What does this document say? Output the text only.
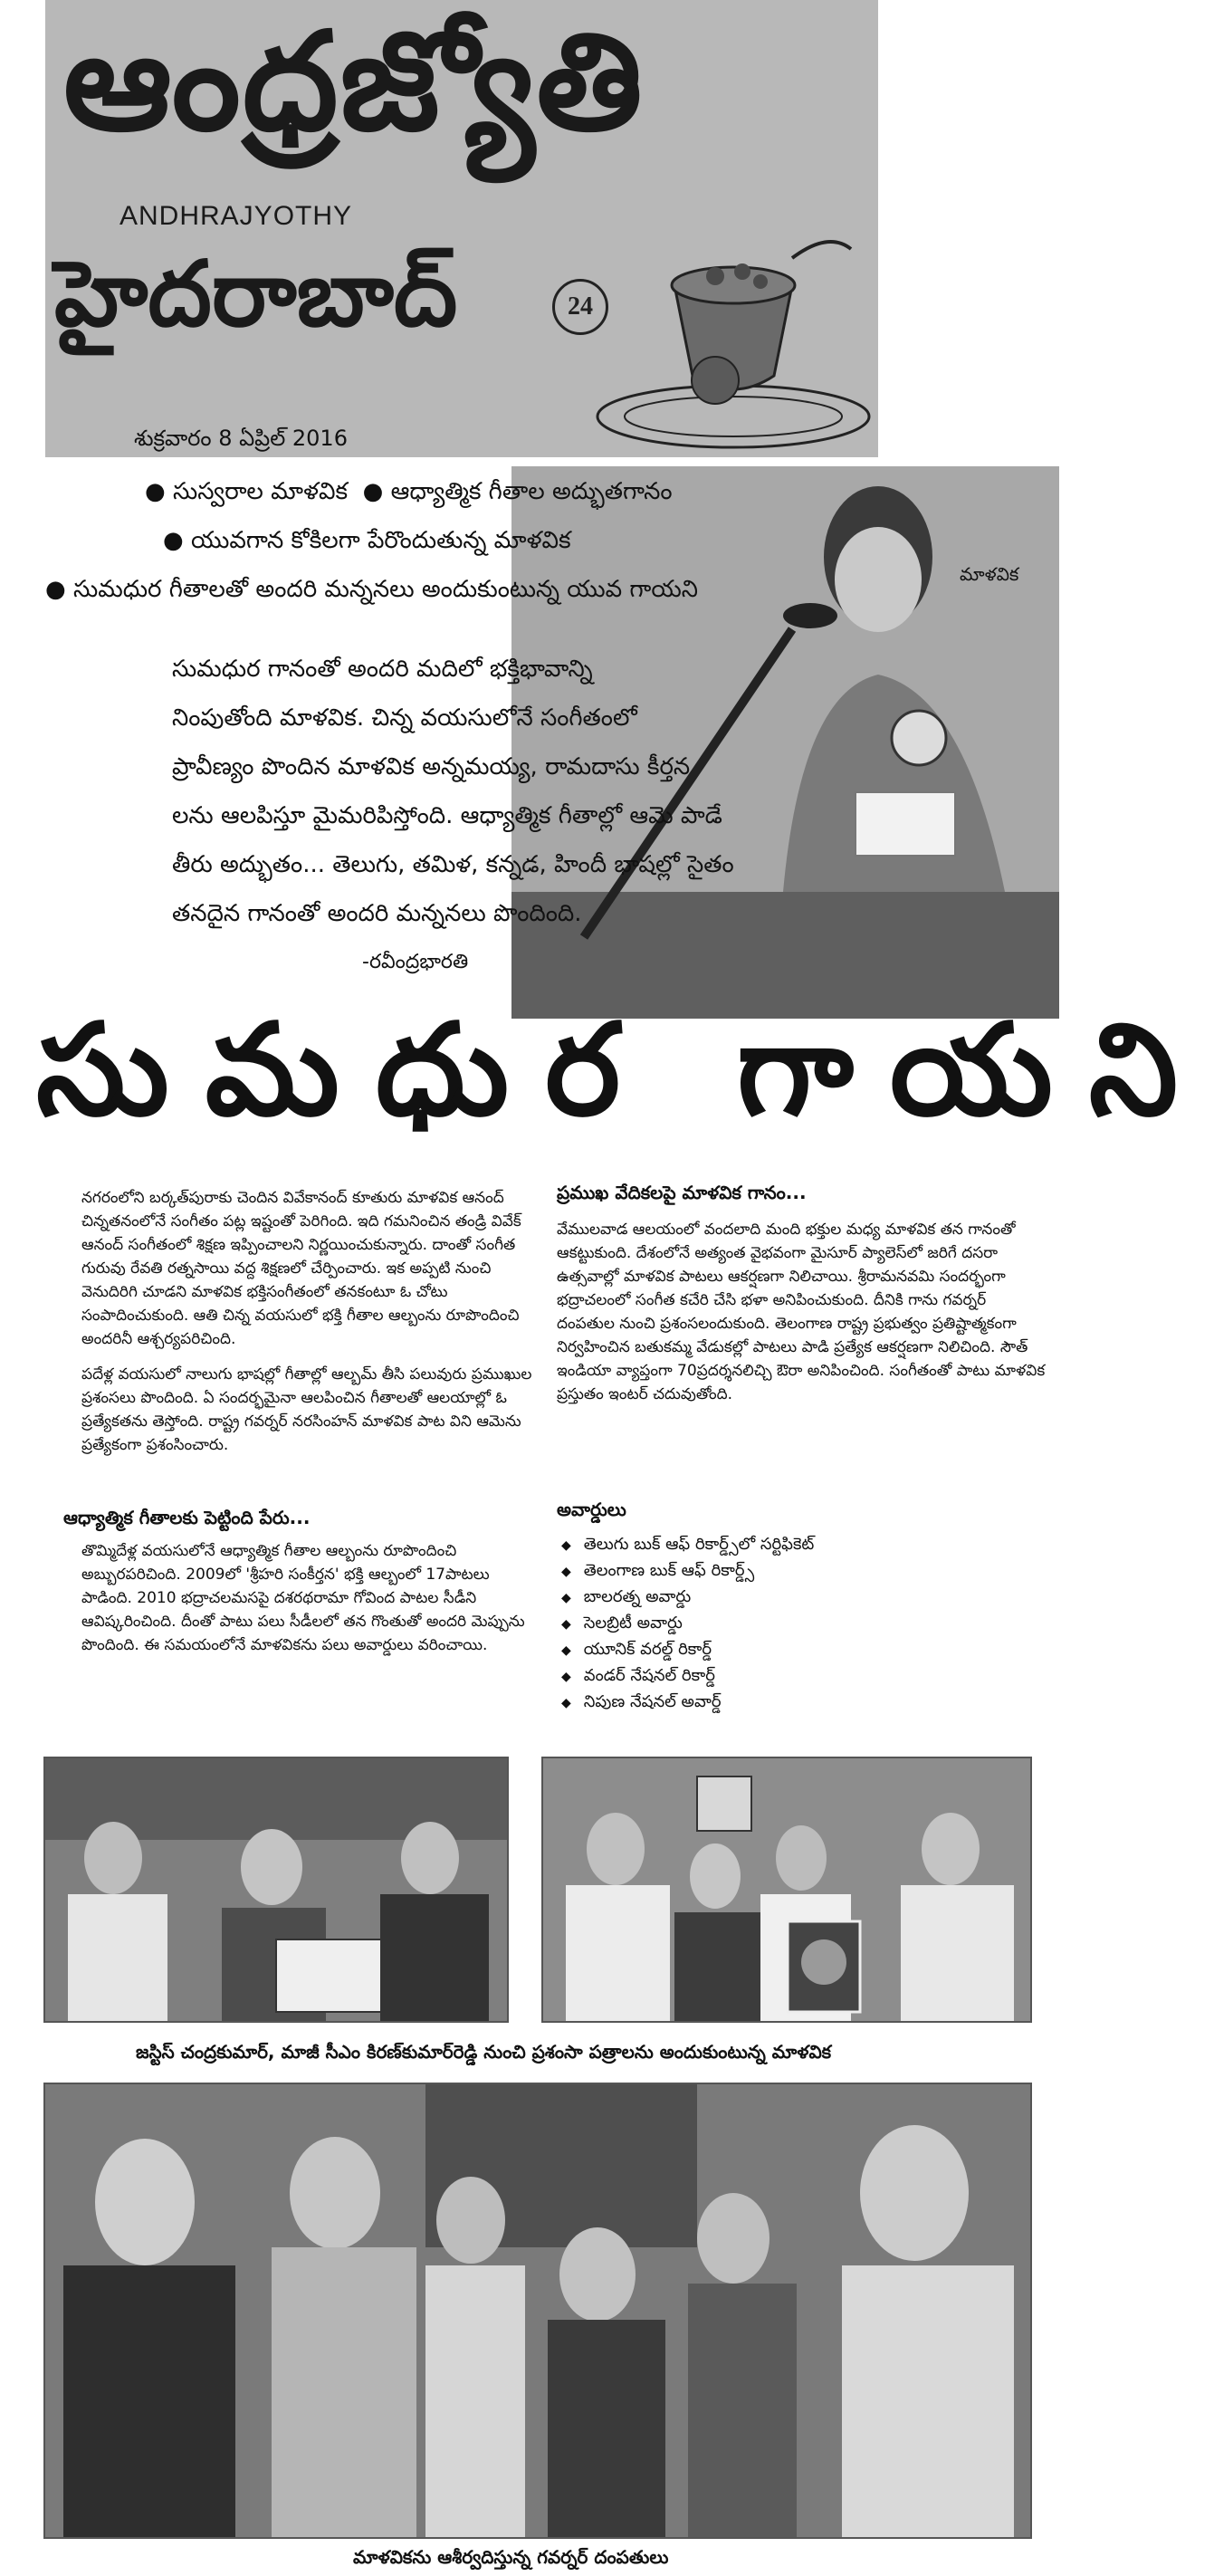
ఆంధ్రజ్యోతి
ANDHRAJYOTHY
హైదరాబాద్	24
శుక్రవారం 8 ఏప్రిల్ 2016
మాళవిక
● సుస్వరాల మాళవిక  ● ఆధ్యాత్మిక గీతాల అద్భుతగానం
● యువగాన కోకిలగా పేరొందుతున్న మాళవిక
● సుమధుర గీతాలతో అందరి మన్ననలు అందుకుంటున్న యువ గాయని
సుమధుర గానంతో అందరి మదిలో భక్తిభావాన్ని
నింపుతోంది మాళవిక. చిన్న వయసులోనే సంగీతంలో
ప్రావీణ్యం పొందిన మాళవిక అన్నమయ్య, రామదాసు కీర్తన
లను ఆలపిస్తూ మైమరిపిస్తోంది. ఆధ్యాత్మిక గీతాల్లో ఆమె పాడే
తీరు అద్భుతం... తెలుగు, తమిళ, కన్నడ, హిందీ భాషల్లో సైతం
తనదైన గానంతో అందరి మన్ననలు పొందింది.
-రవీంద్రభారతి
సుమధుర గాయని
నగరంలోని బర్కత్‌పురాకు చెందిన వివేకానంద్ కూతురు మాళవిక ఆనంద్ చిన్నతనంలోనే సంగీతం పట్ల ఇష్టంతో పెరిగింది. ఇది గమనించిన తండ్రి వివేక్ ఆనంద్ సంగీతంలో శిక్షణ ఇప్పించాలని నిర్ణయించుకున్నారు. దాంతో సంగీత గురువు రేవతి రత్నసాయి వద్ద శిక్షణలో చేర్పించారు. ఇక అప్పటి నుంచి వెనుదిరిగి చూడని మాళవిక భక్తిసంగీతంలో తనకంటూ ఓ చోటు సంపాదించుకుంది. ఆతి చిన్న వయసులో భక్తి గీతాల ఆల్బంను రూపొందించి అందరినీ ఆశ్చర్యపరిచింది.
పదేళ్ల వయసులో నాలుగు భాషల్లో గీతాల్లో ఆల్బమ్ తీసి పలువురు ప్రముఖుల ప్రశంసలు పొందింది. ఏ సందర్భమైనా ఆలపించిన గీతాలతో ఆలయాల్లో ఓ ప్రత్యేకతను తెస్తోంది. రాష్ట్ర గవర్నర్ నరసింహన్ మాళవిక పాట విని ఆమెను ప్రత్యేకంగా ప్రశంసించారు.
ఆధ్యాత్మిక గీతాలకు పెట్టింది పేరు...
తొమ్మిదేళ్ల వయసులోనే ఆధ్యాత్మిక గీతాల ఆల్బంను రూపొందించి అబ్బురపరిచింది. 2009లో 'శ్రీహరి సంకీర్తన' భక్తి ఆల్బంలో 17పాటలు పాడింది. 2010 భద్రాచలమసపై దశరథరామా గోవింద పాటల సీడీని ఆవిష్కరించింది. దీంతో పాటు పలు సీడీలలో తన గొంతుతో అందరి మెప్పును పొందింది. ఈ సమయంలోనే మాళవికను పలు అవార్డులు వరించాయి.
ప్రముఖ వేదికలపై మాళవిక గానం...
వేములవాడ ఆలయంలో వందలాది మంది భక్తుల మధ్య మాళవిక తన గానంతో ఆకట్టుకుంది. దేశంలోనే అత్యంత వైభవంగా మైసూర్ ప్యాలెస్‌లో జరిగే దసరా ఉత్సవాల్లో మాళవిక పాటలు ఆకర్షణగా నిలిచాయి. శ్రీరామనవమి సందర్భంగా భద్రాచలంలో సంగీత కచేరి చేసి భళా అనిపించుకుంది. దీనికి గాను గవర్నర్ దంపతుల నుంచి ప్రశంసలందుకుంది. తెలంగాణ రాష్ట్ర ప్రభుత్వం ప్రతిష్టాత్మకంగా నిర్వహించిన బతుకమ్మ వేడుకల్లో పాటలు పాడి ప్రత్యేక ఆకర్షణగా నిలిచింది. సౌత్ ఇండియా వ్యాప్తంగా 70ప్రదర్శనలిచ్చి ఔరా అనిపించింది. సంగీతంతో పాటు మాళవిక ప్రస్తుతం ఇంటర్ చదువుతోంది.
అవార్డులు
◆ తెలుగు బుక్ ఆఫ్ రికార్డ్స్‌లో సర్టిఫికెట్
◆ తెలంగాణ బుక్ ఆఫ్ రికార్డ్స్
◆ బాలరత్న అవార్డు
◆ సెలబ్రిటీ అవార్డు
◆ యూనిక్ వరల్డ్ రికార్డ్
◆ వండర్ నేషనల్ రికార్డ్
◆ నిపుణ నేషనల్ అవార్డ్
జస్టిస్ చంద్రకుమార్, మాజీ సీఎం కిరణ్‌కుమార్‌రెడ్డి నుంచి ప్రశంసా పత్రాలను అందుకుంటున్న మాళవిక
మాళవికను ఆశీర్వదిస్తున్న గవర్నర్ దంపతులు
